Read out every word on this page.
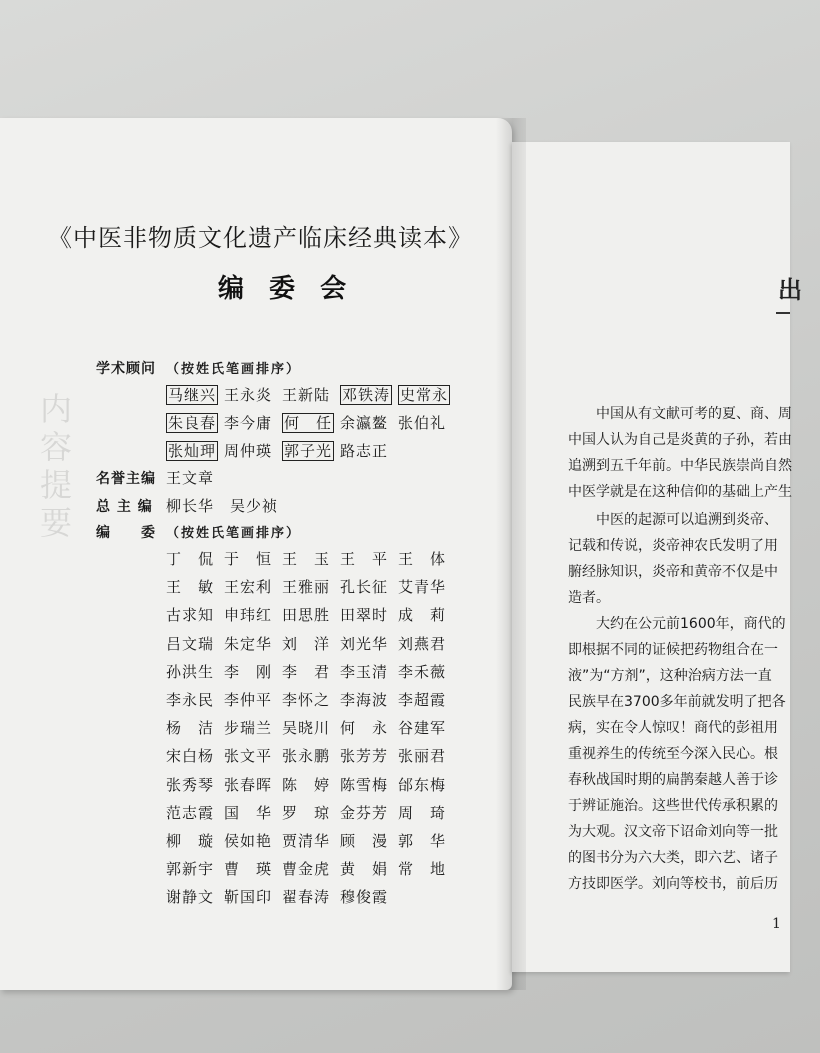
内容提要
《中医非物质文化遗产临床经典读本》
编 委 会
学术顾问 （按姓氏笔画排序）
马继兴 王永炎 王新陆 邓铁涛 史常永
朱良春 李今庸 何　任 余瀛鳌 张伯礼
张灿玾 周仲瑛 郭子光 路志正
名誉主编 王文章
总 主 编 柳长华　吴少祯
编　　委 （按姓氏笔画排序）
丁　侃 于　恒 王　玉 王　平 王　体
王　敏 王宏利 王雅丽 孔长征 艾青华
古求知 申玮红 田思胜 田翠时 成　莉
吕文瑞 朱定华 刘　洋 刘光华 刘燕君
孙洪生 李　刚 李　君 李玉清 李禾薇
李永民 李仲平 李怀之 李海波 李超霞
杨　洁 步瑞兰 吴晓川 何　永 谷建军
宋白杨 张文平 张永鹏 张芳芳 张丽君
张秀琴 张春晖 陈　婷 陈雪梅 邰东梅
范志霞 国　华 罗　琼 金芬芳 周　琦
柳　璇 侯如艳 贾清华 顾　漫 郭　华
郭新宇 曹　瑛 曹金虎 黄　娟 常　地
谢静文 靳国印 翟春涛 穆俊霞
中国从有文献可考的夏、商、周
中国人认为自己是炎黄的子孙，若由
追溯到五千年前。中华民族崇尚自然
中医学就是在这种信仰的基础上产生
中医的起源可以追溯到炎帝、
记载和传说，炎帝神农氏发明了用
腑经脉知识，炎帝和黄帝不仅是中
造者。
大约在公元前1600年，商代的
即根据不同的证候把药物组合在一
液”为“方剂”，这种治病方法一直
民族早在3700多年前就发明了把各
病，实在令人惊叹！商代的彭祖用
重视养生的传统至今深入民心。根
春秋战国时期的扁鹊秦越人善于诊
于辨证施治。这些世代传承积累的
为大观。汉文帝下诏命刘向等一批
的图书分为六大类，即六艺、诸子
方技即医学。刘向等校书，前后历
出
1
